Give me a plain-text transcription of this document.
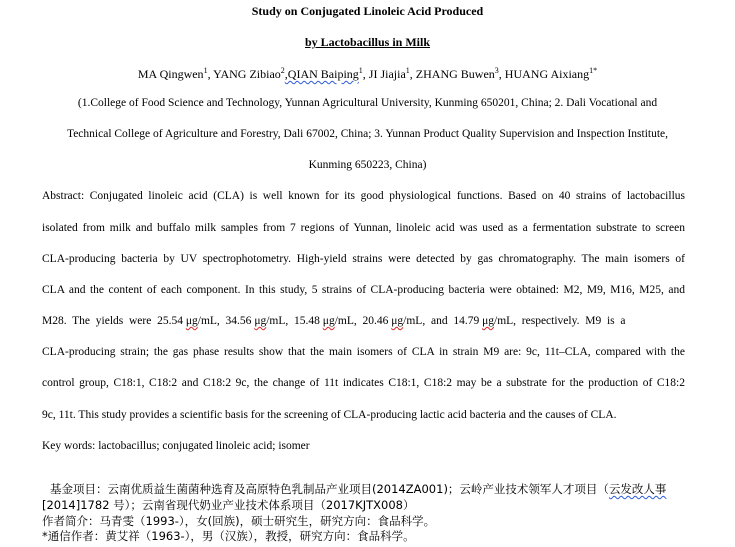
Study on Conjugated Linoleic Acid Produced
by Lactobacillus in Milk
MA Qingwen$^1$, YANG Zibiao$^2$,QIAN Baiping$^1$, JI Jiajia$^1$, ZHANG Buwen$^3$, HUANG Aixiang$^{1*}$
(1.College of Food Science and Technology, Yunnan Agricultural University, Kunming 650201, China; 2. Dali Vocational and
Technical College of Agriculture and Forestry, Dali 67002, China; 3. Yunnan Product Quality Supervision and Inspection Institute,
Kunming 650223, China)
Abstract: Conjugated linoleic acid (CLA) is well known for its good physiological functions. Based on 40 strains of lactobacillus
isolated from milk and buffalo milk samples from 7 regions of Yunnan, linoleic acid was used as a fermentation substrate to screen
CLA-producing bacteria by UV spectrophotometry. High-yield strains were detected by gas chromatography. The main isomers of
CLA and the content of each component. In this study, 5 strains of CLA-producing bacteria were obtained: M2, M9, M16, M25, and
M28.  The  yields  were  25.54 μg/mL,  34.56 μg/mL,  15.48 μg/mL,  20.46 μg/mL,  and  14.79 μg/mL,  respectively.  M9  is  a
CLA-producing strain; the gas phase results show that the main isomers of CLA in strain M9 are: 9c, 11t–CLA, compared with the
control group, C18:1, C18:2 and C18:2 9c, the change of 11t indicates C18:1, C18:2 may be a substrate for the production of C18:2
9c, 11t. This study provides a scientific basis for the screening of CLA-producing lactic acid bacteria and the causes of CLA.
Key words: lactobacillus; conjugated linoleic acid; isomer
基金项目：云南优质益生菌菌种选育及高原特色乳制品产业项目(2014ZA001)；云岭产业技术领军人才项目（云发改人事
[2014]1782 号）；云南省现代奶业产业技术体系项目（2017KJTX008）
作者简介：马青雯（1993-），女(回族)，硕士研究生，研究方向：食品科学。
*通信作者：黄艾祥（1963-），男（汉族），教授，研究方向：食品科学。
